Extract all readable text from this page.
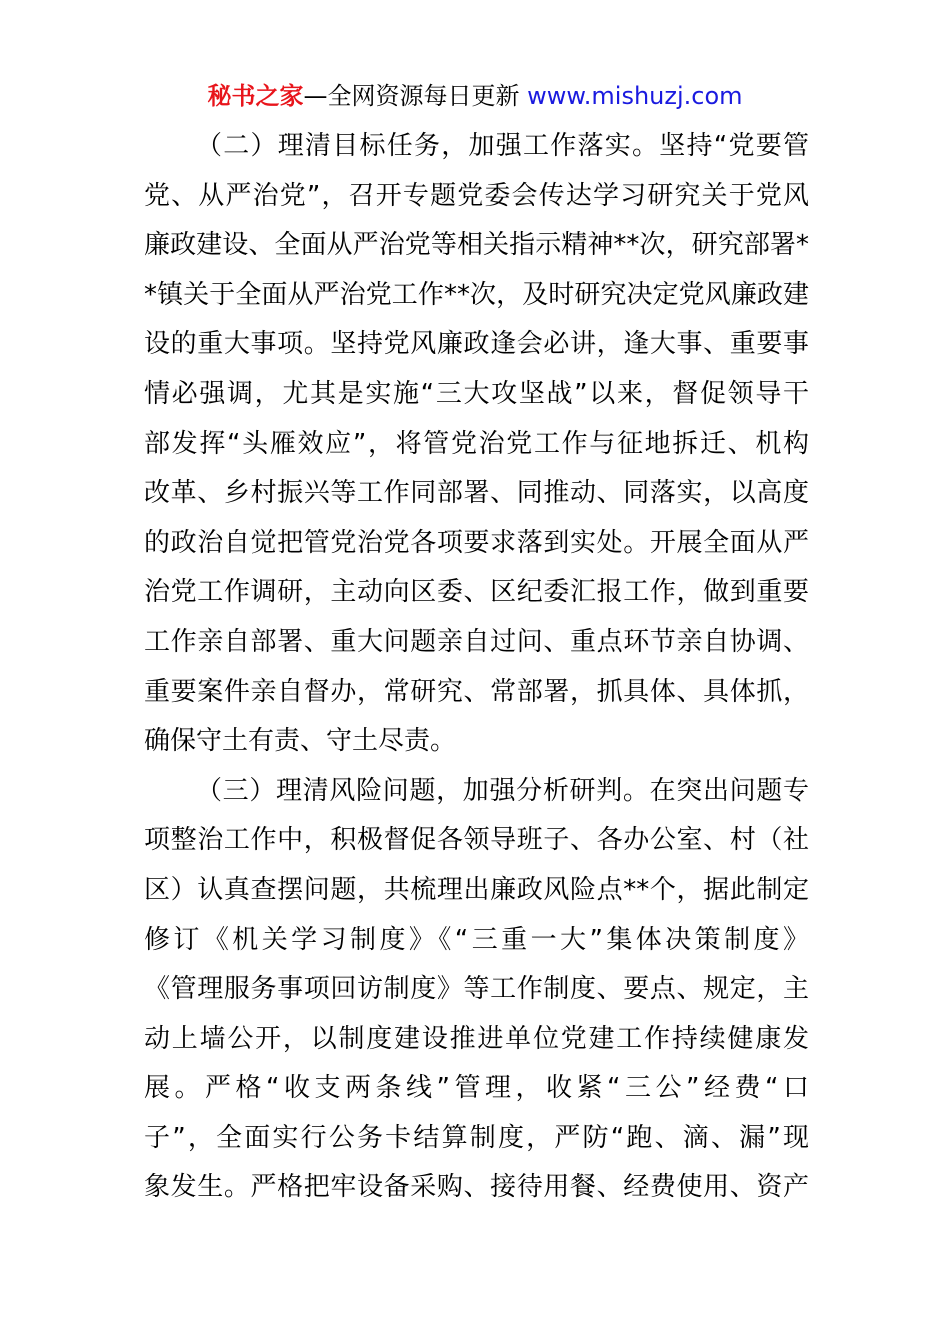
秘书之家—全网资源每日更新 www.mishuzj.com
（二）理清目标任务，加强工作落实。坚持“党要管
党、从严治党”，召开专题党委会传达学习研究关于党风
廉政建设、全面从严治党等相关指示精神**次，研究部署*
*镇关于全面从严治党工作**次，及时研究决定党风廉政建
设的重大事项。坚持党风廉政逢会必讲，逢大事、重要事
情必强调，尤其是实施“三大攻坚战”以来，督促领导干
部发挥“头雁效应”，将管党治党工作与征地拆迁、机构
改革、乡村振兴等工作同部署、同推动、同落实，以高度
的政治自觉把管党治党各项要求落到实处。开展全面从严
治党工作调研，主动向区委、区纪委汇报工作，做到重要
工作亲自部署、重大问题亲自过问、重点环节亲自协调、
重要案件亲自督办，常研究、常部署，抓具体、具体抓，
确保守土有责、守土尽责。
（三）理清风险问题，加强分析研判。在突出问题专
项整治工作中，积极督促各领导班子、各办公室、村（社
区）认真查摆问题，共梳理出廉政风险点**个，据此制定
修订《机关学习制度》《“三重一大”集体决策制度》
《管理服务事项回访制度》等工作制度、要点、规定，主
动上墙公开，以制度建设推进单位党建工作持续健康发
展。严格“收支两条线”管理，收紧“三公”经费“口
子”，全面实行公务卡结算制度，严防“跑、滴、漏”现
象发生。严格把牢设备采购、接待用餐、经费使用、资产
